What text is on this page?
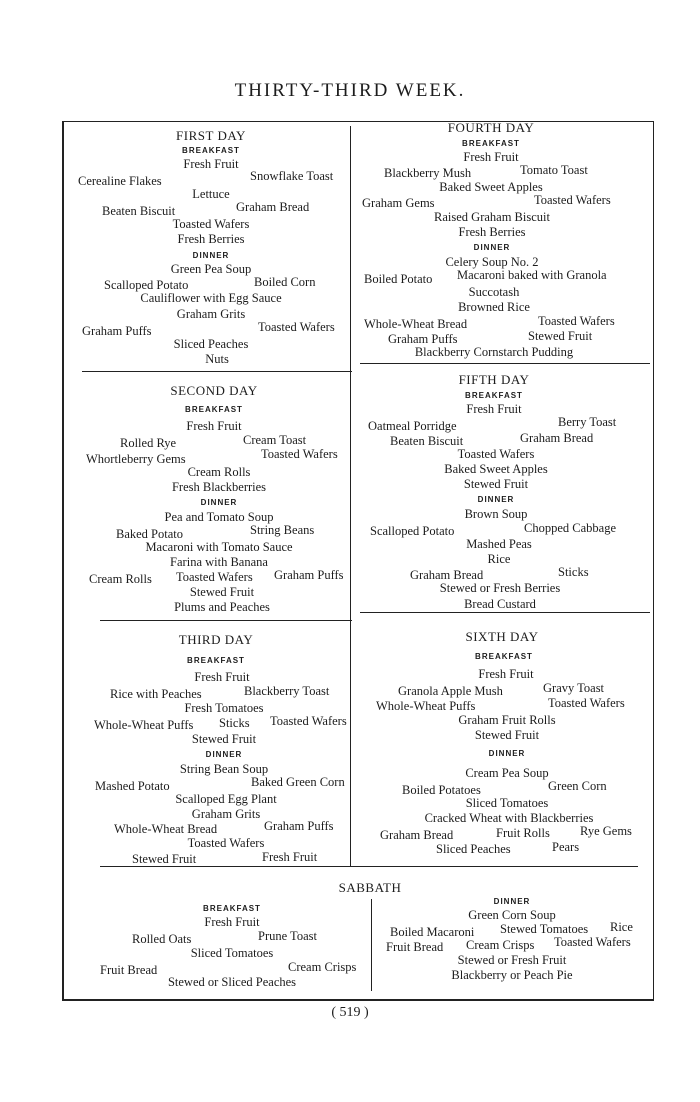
THIRTY-THIRD WEEK.
FIRST DAY
BREAKFAST
Fresh Fruit
Cerealine Flakes	Snowflake Toast
Lettuce
Beaten Biscuit	Graham Bread
Toasted Wafers
Fresh Berries
DINNER
Green Pea Soup
Scalloped Potato	Boiled Corn
Cauliflower with Egg Sauce
Graham Grits
Graham Puffs	Toasted Wafers
Sliced Peaches
Nuts
SECOND DAY
BREAKFAST
Fresh Fruit
Rolled Rye	Cream Toast
Whortleberry Gems	Toasted Wafers
Cream Rolls
Fresh Blackberries
DINNER
Pea and Tomato Soup
Baked Potato	String Beans
Macaroni with Tomato Sauce
Farina with Banana
Cream Rolls Toasted Wafers Graham Puffs
Stewed Fruit
Plums and Peaches
THIRD DAY
BREAKFAST
Fresh Fruit
Rice with Peaches	Blackberry Toast
Fresh Tomatoes
Whole-Wheat Puffs Sticks Toasted Wafers
Stewed Fruit
DINNER
String Bean Soup
Mashed Potato	Baked Green Corn
Scalloped Egg Plant
Graham Grits
Whole-Wheat Bread	Graham Puffs
Toasted Wafers
Stewed Fruit	Fresh Fruit
FOURTH DAY
BREAKFAST
Fresh Fruit
Blackberry Mush	Tomato Toast
Baked Sweet Apples
Graham Gems	Toasted Wafers
Raised Graham Biscuit
Fresh Berries
DINNER
Celery Soup No. 2
Boiled Potato Macaroni baked with Granola
Succotash
Browned Rice
Whole-Wheat Bread	Toasted Wafers
Graham Puffs	Stewed Fruit
Blackberry Cornstarch Pudding
FIFTH DAY
BREAKFAST
Fresh Fruit
Oatmeal Porridge	Berry Toast
Beaten Biscuit	Graham Bread
Toasted Wafers
Baked Sweet Apples
Stewed Fruit
DINNER
Brown Soup
Scalloped Potato	Chopped Cabbage
Mashed Peas
Rice
Graham Bread	Sticks
Stewed or Fresh Berries
Bread Custard
SIXTH DAY
BREAKFAST
Fresh Fruit
Granola Apple Mush	Gravy Toast
Whole-Wheat Puffs	Toasted Wafers
Graham Fruit Rolls
Stewed Fruit
DINNER
Cream Pea Soup
Boiled Potatoes	Green Corn
Sliced Tomatoes
Cracked Wheat with Blackberries
Graham Bread	Fruit Rolls Rye Gems
Sliced Peaches	Pears
SABBATH
BREAKFAST
Fresh Fruit
Rolled Oats	Prune Toast
Sliced Tomatoes
Fruit Bread	Cream Crisps
Stewed or Sliced Peaches
DINNER
Green Corn Soup
Boiled Macaroni Stewed Tomatoes Rice
Fruit Bread Cream Crisps Toasted Wafers
Stewed or Fresh Fruit
Blackberry or Peach Pie
( 519 )
